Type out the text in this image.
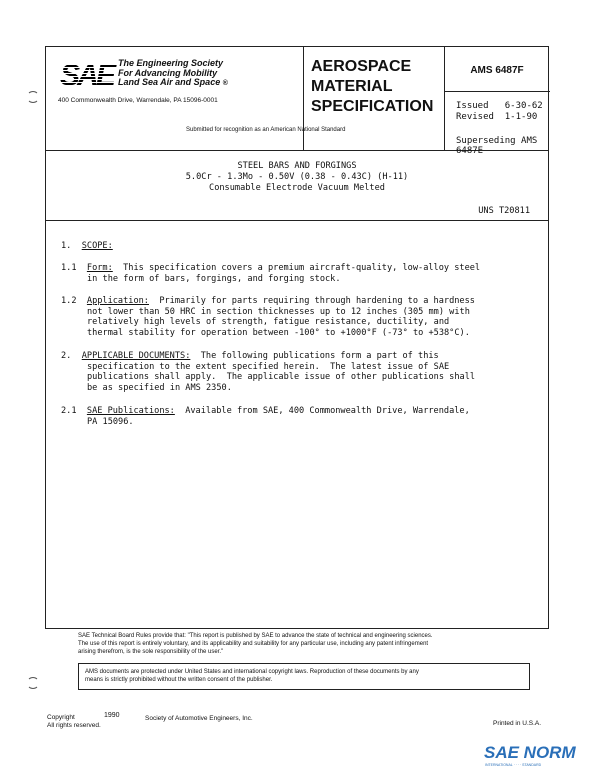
SAE The Engineering Society
For Advancing Mobility
Land Sea Air and Space ®
400 Commonwealth Drive, Warrendale, PA 15096-0001
Submitted for recognition as an American National Standard
AEROSPACE
MATERIAL
SPECIFICATION
AMS 6487F
Issued   6-30-62
Revised  1-1-90
Superseding AMS 6487E
STEEL BARS AND FORGINGS
5.0Cr - 1.3Mo - 0.50V (0.38 - 0.43C) (H-11)
Consumable Electrode Vacuum Melted
UNS T20811
1. SCOPE:
1.1 Form:  This specification covers a premium aircraft-quality, low-alloy steel
in the form of bars, forgings, and forging stock.
1.2 Application:  Primarily for parts requiring through hardening to a hardness
not lower than 50 HRC in section thicknesses up to 12 inches (305 mm) with
relatively high levels of strength, fatigue resistance, ductility, and
thermal stability for operation between -100° to +1000°F (-73° to +538°C).
2. APPLICABLE DOCUMENTS:  The following publications form a part of this
specification to the extent specified herein.  The latest issue of SAE
publications shall apply.  The applicable issue of other publications shall
be as specified in AMS 2350.
2.1 SAE Publications:  Available from SAE, 400 Commonwealth Drive, Warrendale,
PA 15096.
SAE Technical Board Rules provide that: "This report is published by SAE to advance the state of technical and engineering sciences.
The use of this report is entirely voluntary, and its applicability and suitability for any particular use, including any patent infringement
arising therefrom, is the sole responsibility of the user."
AMS documents are protected under United States and international copyright laws. Reproduction of these documents by any
means is strictly prohibited without the written consent of the publisher.
Copyright
All rights reserved.
1990	Society of Automotive Engineers, Inc.
Printed in U.S.A.
SAE NORM
INTERNATIONAL · · · · STANDARD
